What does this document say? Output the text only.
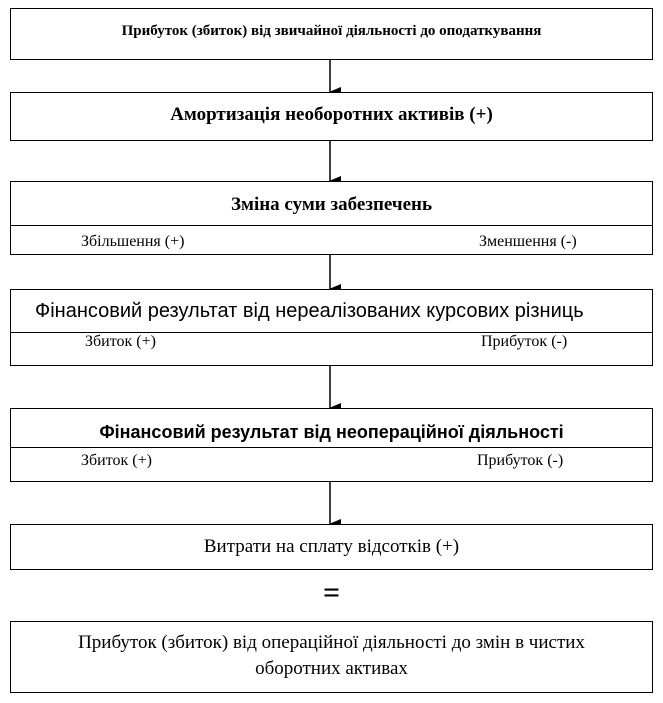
Прибуток (збиток) від звичайної діяльності до оподаткування
Амортизація необоротних активів (+)
Зміна суми забезпечень
Збільшення (+)	Зменшення (-)
Фінансовий результат від нереалізованих курсових різниць
Збиток (+)	Прибуток (-)
Фінансовий результат від неопераційної діяльності
Збиток (+)	Прибуток (-)
Витрати на сплату відсотків (+)
=
Прибуток (збиток) від операційної діяльності до змін в чистих
оборотних активах
